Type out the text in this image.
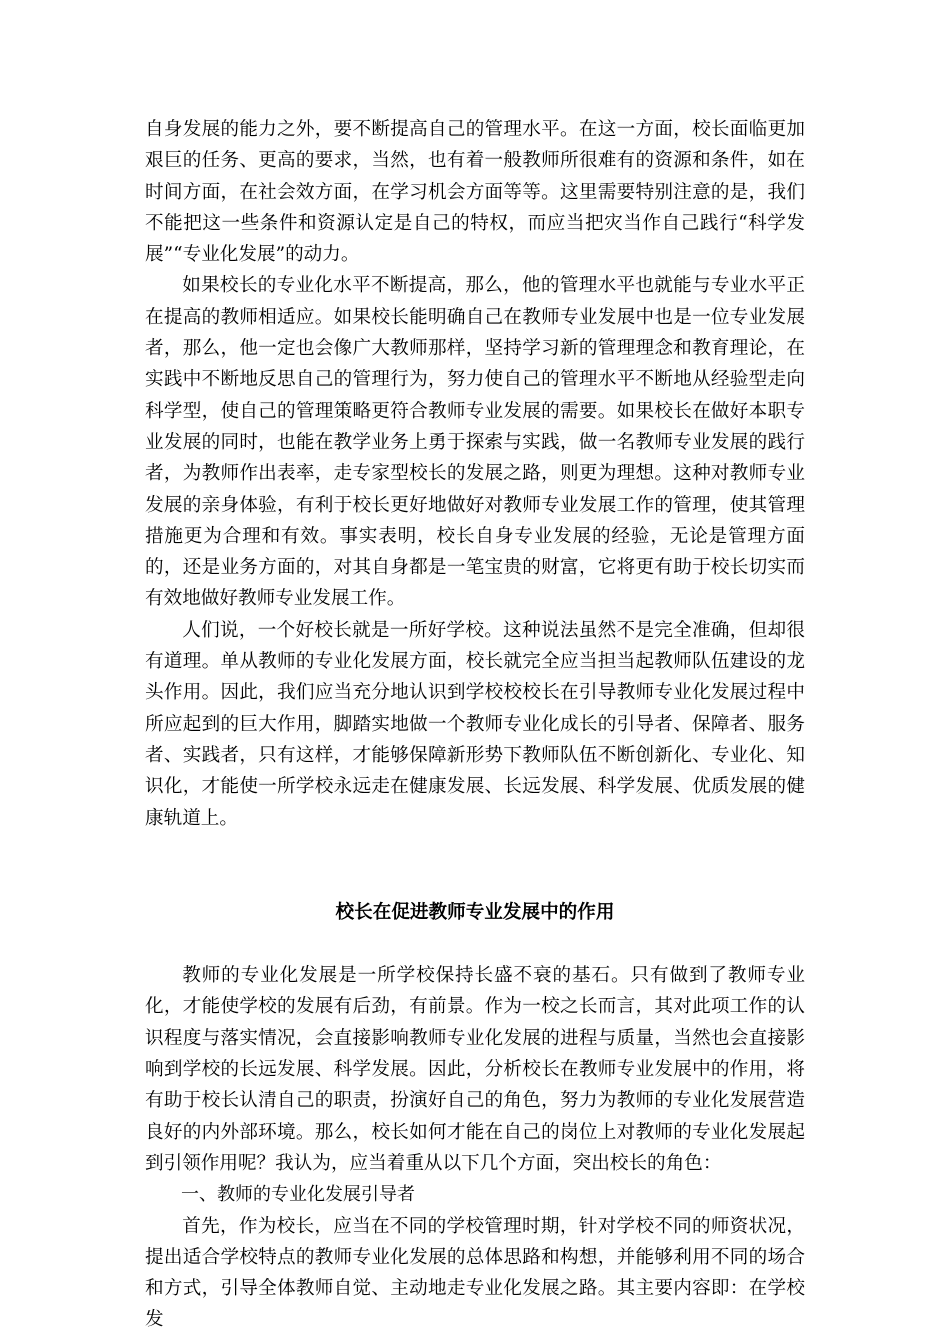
自身发展的能力之外，要不断提高自己的管理水平。在这一方面，校长面临更加艰巨的任务、更高的要求，当然，也有着一般教师所很难有的资源和条件，如在时间方面，在社会效方面，在学习机会方面等等。这里需要特别注意的是，我们不能把这一些条件和资源认定是自己的特权，而应当把灾当作自己践行“科学发展”“专业化发展”的动力。

如果校长的专业化水平不断提高，那么，他的管理水平也就能与专业水平正在提高的教师相适应。如果校长能明确自己在教师专业发展中也是一位专业发展者，那么，他一定也会像广大教师那样，坚持学习新的管理理念和教育理论，在实践中不断地反思自己的管理行为，努力使自己的管理水平不断地从经验型走向科学型，使自己的管理策略更符合教师专业发展的需要。如果校长在做好本职专业发展的同时，也能在教学业务上勇于探索与实践，做一名教师专业发展的践行者，为教师作出表率，走专家型校长的发展之路，则更为理想。这种对教师专业发展的亲身体验，有利于校长更好地做好对教师专业发展工作的管理，使其管理措施更为合理和有效。事实表明，校长自身专业发展的经验，无论是管理方面的，还是业务方面的，对其自身都是一笔宝贵的财富，它将更有助于校长切实而有效地做好教师专业发展工作。

人们说，一个好校长就是一所好学校。这种说法虽然不是完全准确，但却很有道理。单从教师的专业化发展方面，校长就完全应当担当起教师队伍建设的龙头作用。因此，我们应当充分地认识到学校校校长在引导教师专业化发展过程中所应起到的巨大作用，脚踏实地做一个教师专业化成长的引导者、保障者、服务者、实践者，只有这样，才能够保障新形势下教师队伍不断创新化、专业化、知识化，才能使一所学校永远走在健康发展、长远发展、科学发展、优质发展的健康轨道上。

校长在促进教师专业发展中的作用

教师的专业化发展是一所学校保持长盛不衰的基石。只有做到了教师专业化，才能使学校的发展有后劲，有前景。作为一校之长而言，其对此项工作的认识程度与落实情况，会直接影响教师专业化发展的进程与质量，当然也会直接影响到学校的长远发展、科学发展。因此，分析校长在教师专业发展中的作用，将有助于校长认清自己的职责，扮演好自己的角色，努力为教师的专业化发展营造良好的内外部环境。那么，校长如何才能在自己的岗位上对教师的专业化发展起到引领作用呢？我认为，应当着重从以下几个方面，突出校长的角色：

一、教师的专业化发展引导者

首先，作为校长，应当在不同的学校管理时期，针对学校不同的师资状况，提出适合学校特点的教师专业化发展的总体思路和构想，并能够利用不同的场合和方式，引导全体教师自觉、主动地走专业化发展之路。其主要内容即：在学校发
